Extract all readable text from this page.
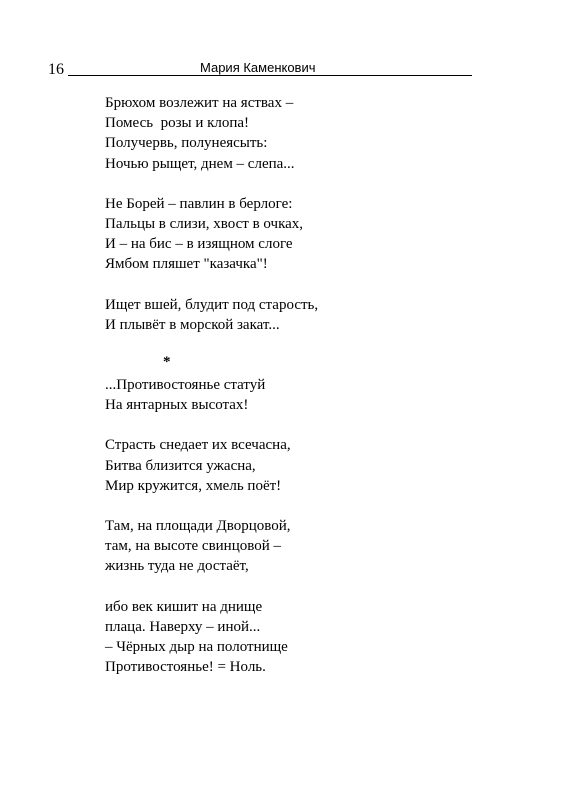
16	Мария Каменкович
Брюхом возлежит на яствах –
Помесь  розы и клопа!
Получервь, полунеясыть:
Ночью рыщет, днем – слепа...
Не Борей – павлин в берлоге:
Пальцы в слизи, хвост в очках,
И – на бис – в изящном слоге
Ямбом пляшет "казачка"!
Ищет вшей, блудит под старость,
И плывёт в морской закат...
*
...Противостоянье статуй
На янтарных высотах!
Страсть снедает их всечасна,
Битва близится ужасна,
Мир кружится, хмель поёт!
Там, на площади Дворцовой,
там, на высоте свинцовой –
жизнь туда не достаёт,
ибо век кишит на днище
плаца. Наверху – иной...
– Чёрных дыр на полотнище
Противостоянье! = Ноль.
